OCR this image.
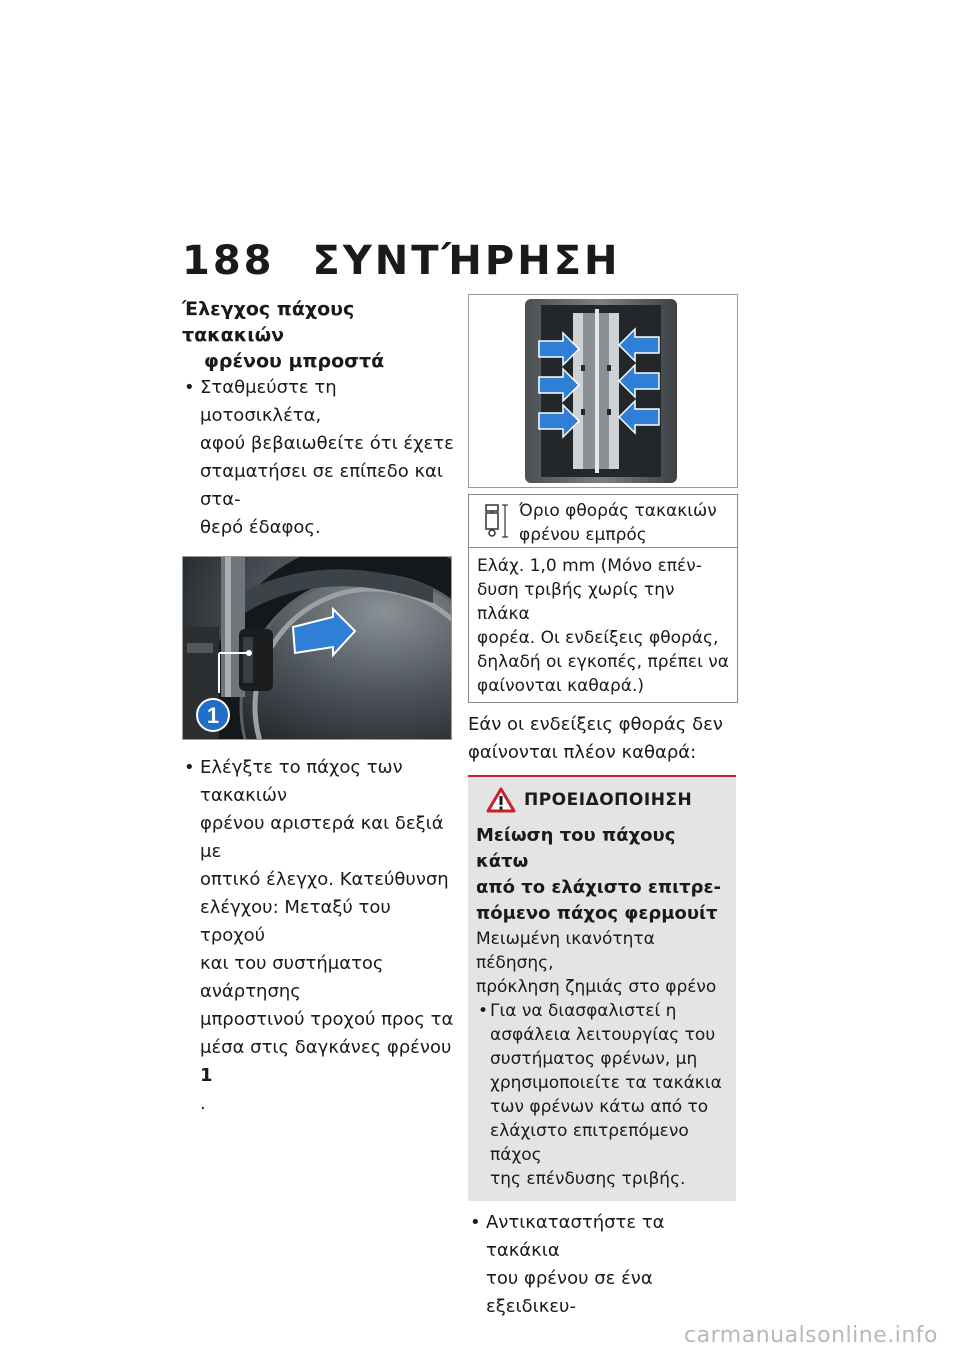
188 ΣΥΝΤΉΡΗΣΗ
Έλεγχος πάχους τακακιών
φρένου μπροστά
• Σταθμεύστε τη μοτοσικλέτα,
αφού βεβαιωθείτε ότι έχετε
σταματήσει σε επίπεδο και στα-
θερό έδαφος.
1
• Ελέγξτε το πάχος των τακακιών
φρένου αριστερά και δεξιά με
οπτικό έλεγχο. Κατεύθυνση
ελέγχου: Μεταξύ του τροχού
και του συστήματος ανάρτησης
μπροστινού τροχού προς τα
μέσα στις δαγκάνες φρένου
1
.
Όριο φθοράς τακακιών
φρένου εμπρός
Ελάχ. 1,0 mm (Μόνο επέν-
δυση τριβής χωρίς την πλάκα
φορέα. Οι ενδείξεις φθοράς,
δηλαδή οι εγκοπές, πρέπει να
φαίνονται καθαρά.)

Εάν οι ενδείξεις φθοράς δεν
φαίνονται πλέον καθαρά:

ΠΡΟΕΙΔΟΠΟΙΗΣΗ
Μείωση του πάχους κάτω
από το ελάχιστο επιτρε-
πόμενο πάχος φερμουίτ
Μειωμένη ικανότητα πέδησης,
πρόκληση ζημιάς στο φρένο
• Για να διασφαλιστεί η
ασφάλεια λειτουργίας του
συστήματος φρένων, μη
χρησιμοποιείτε τα τακάκια
των φρένων κάτω από το
ελάχιστο επιτρεπόμενο πάχος
της επένδυσης τριβής.
• Αντικαταστήστε τα τακάκια
του φρένου σε ένα εξειδικευ-
carmanualsonline.info
